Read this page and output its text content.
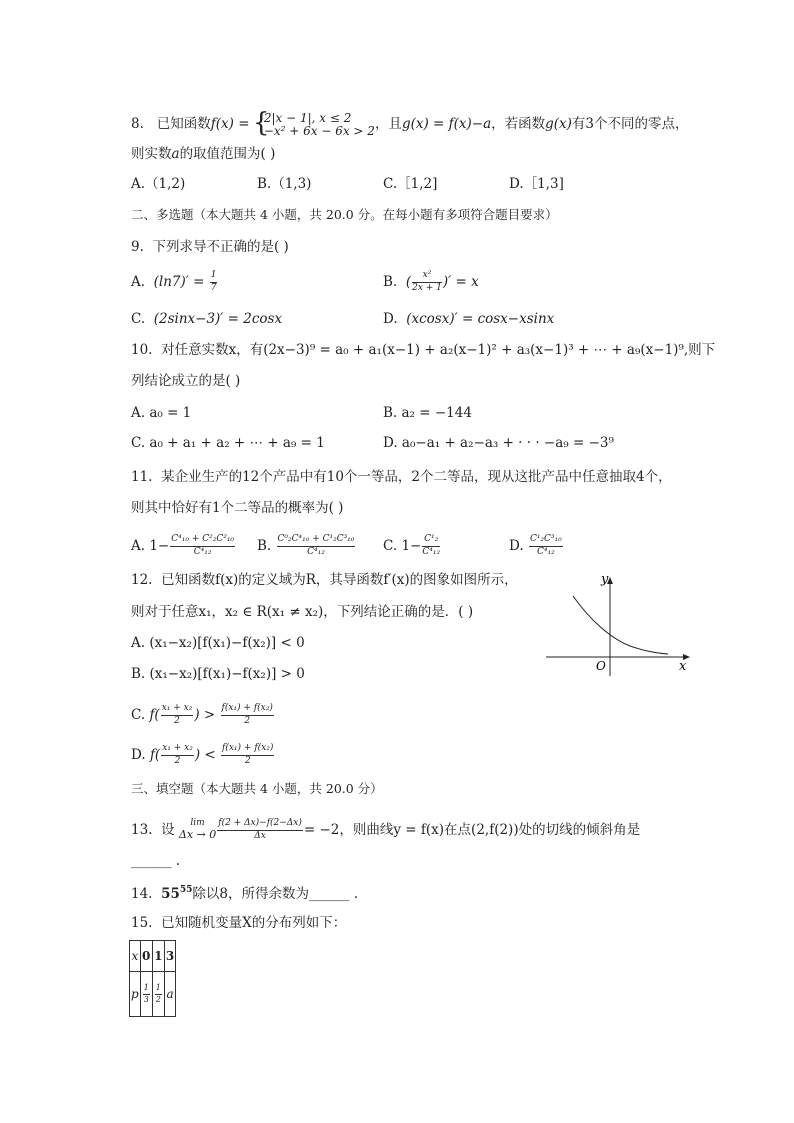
8. 已知函数f(x) = {
2|x − 1|, x ≤ 2
−x² + 6x − 6x > 2 ，且g(x) = f(x)−a，若函数g(x)有3个不同的零点，
则实数a的取值范围为( )
A.（1,2)	B.（1,3)	C.［1,2]	D.［1,3]
二、多选题（本大题共 4 小题，共 20.0 分。在每小题有多项符合题目要求）
9. 下列求导不正确的是( )
A. $(\ln 7)' = \frac{1}{7}$	B. ( $\frac{\text{x²}}{2x + 1}$ )′ = x
C. (2sinx−3)′ = 2cosx	D. (xcosx)′ = cosx−xsinx
10. 对任意实数x，有(2x−3)⁹ = a₀ + a₁(x−1) + a₂(x−1)² + a₃(x−1)³ + ⋯ + a₉(x−1)⁹,则下
列结论成立的是( )
A. a₀ = 1	B. a₂ = −144
C. a₀ + a₁ + a₂ + ⋯ + a₉ = 1	D. a₀−a₁ + a₂−a₃ + · · · −a₉ = −3⁹
11. 某企业生产的12个产品中有10个一等品，2个二等品，现从这批产品中任意抽取4个，
则其中恰好有1个二等品的概率为( )
A. $1- \frac{\text{C⁴₁₀ + C²₂C²₁₀}}{\text{C⁴₁₂}} B$. $\frac{\text{C⁰₂C⁴₁₀ + C¹₂C³₁₀}}{\text{C⁴₁₂}} C$. $1- \frac{\text{C¹₂}}{\text{C⁴₁₂}}$	D. $\frac{\text{C¹₂C³₁₀}}{\text{C⁴₁₂}}$
12. 已知函数f(x)的定义域为R，其导函数f′(x)的图象如图所示，
则对于任意x₁，x₂ ∈ R(x₁ ≠ x₂)，下列结论正确的是．( )
A. (x₁−x₂)[f(x₁)−f(x₂)] < 0
B. (x₁−x₂)[f(x₁)−f(x₂)] > 0
C. $f( \frac{\text{x₁ + x₂}}{2}$ ) > $\frac{\text{f(x₁) + f(x₂)}}{2}$
D. $f( \frac{\text{x₁ + x₂}}{2}$ ) < $\frac{\text{f(x₁) + f(x₂)}}{2}$
y
x
O
三、填空题（本大题共 4 小题，共 20.0 分）
13. 设	lim
$\Delta x \to 0 \frac{f(2 + \Delta x)-f(2-\Delta x)}{\Delta x} = -2$，则曲线y = f(x)在点(2,f(2))处的切线的倾斜角是
______ .
14. $55^{55}$除以8，所得余数为______ .
15. 已知随机变量X的分布列如下：
x	0	1	3
p	$\frac{1}{3}$	$\frac{1}{2}$	a
